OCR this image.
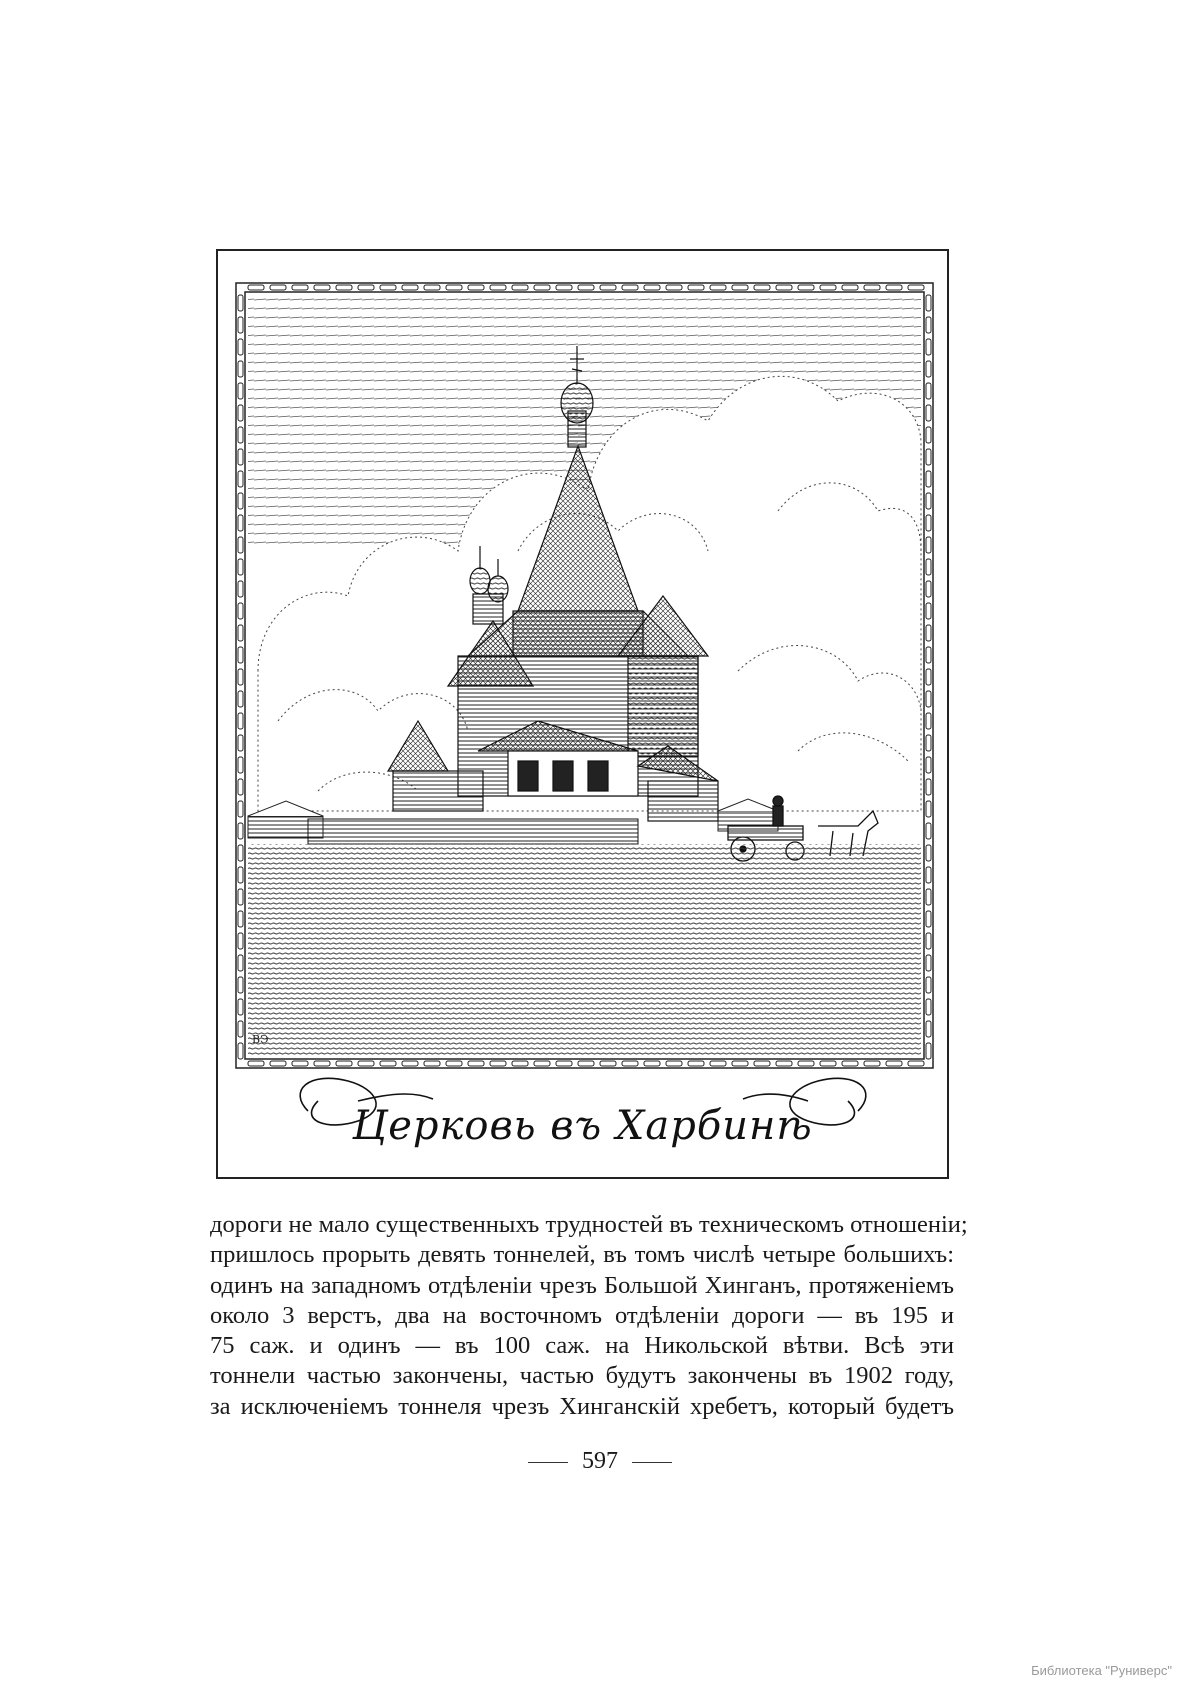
ВЭ
Церковь въ Харбинѣ
дороги не мало существенныхъ трудностей въ техническомъ отношеніи;
пришлось прорыть девять тоннелей, въ томъ числѣ четыре большихъ:
одинъ на западномъ отдѣленіи чрезъ Большой Хинганъ, протяженіемъ
около 3 верстъ, два на восточномъ отдѣленіи дороги — въ 195 и
75 саж. и одинъ — въ 100 саж. на Никольской вѣтви. Всѣ эти
тоннели частью закончены, частью будутъ закончены въ 1902 году,
за исключеніемъ тоннеля чрезъ Хинганскій хребетъ, который будетъ
597
Библиотека "Руниверс"
